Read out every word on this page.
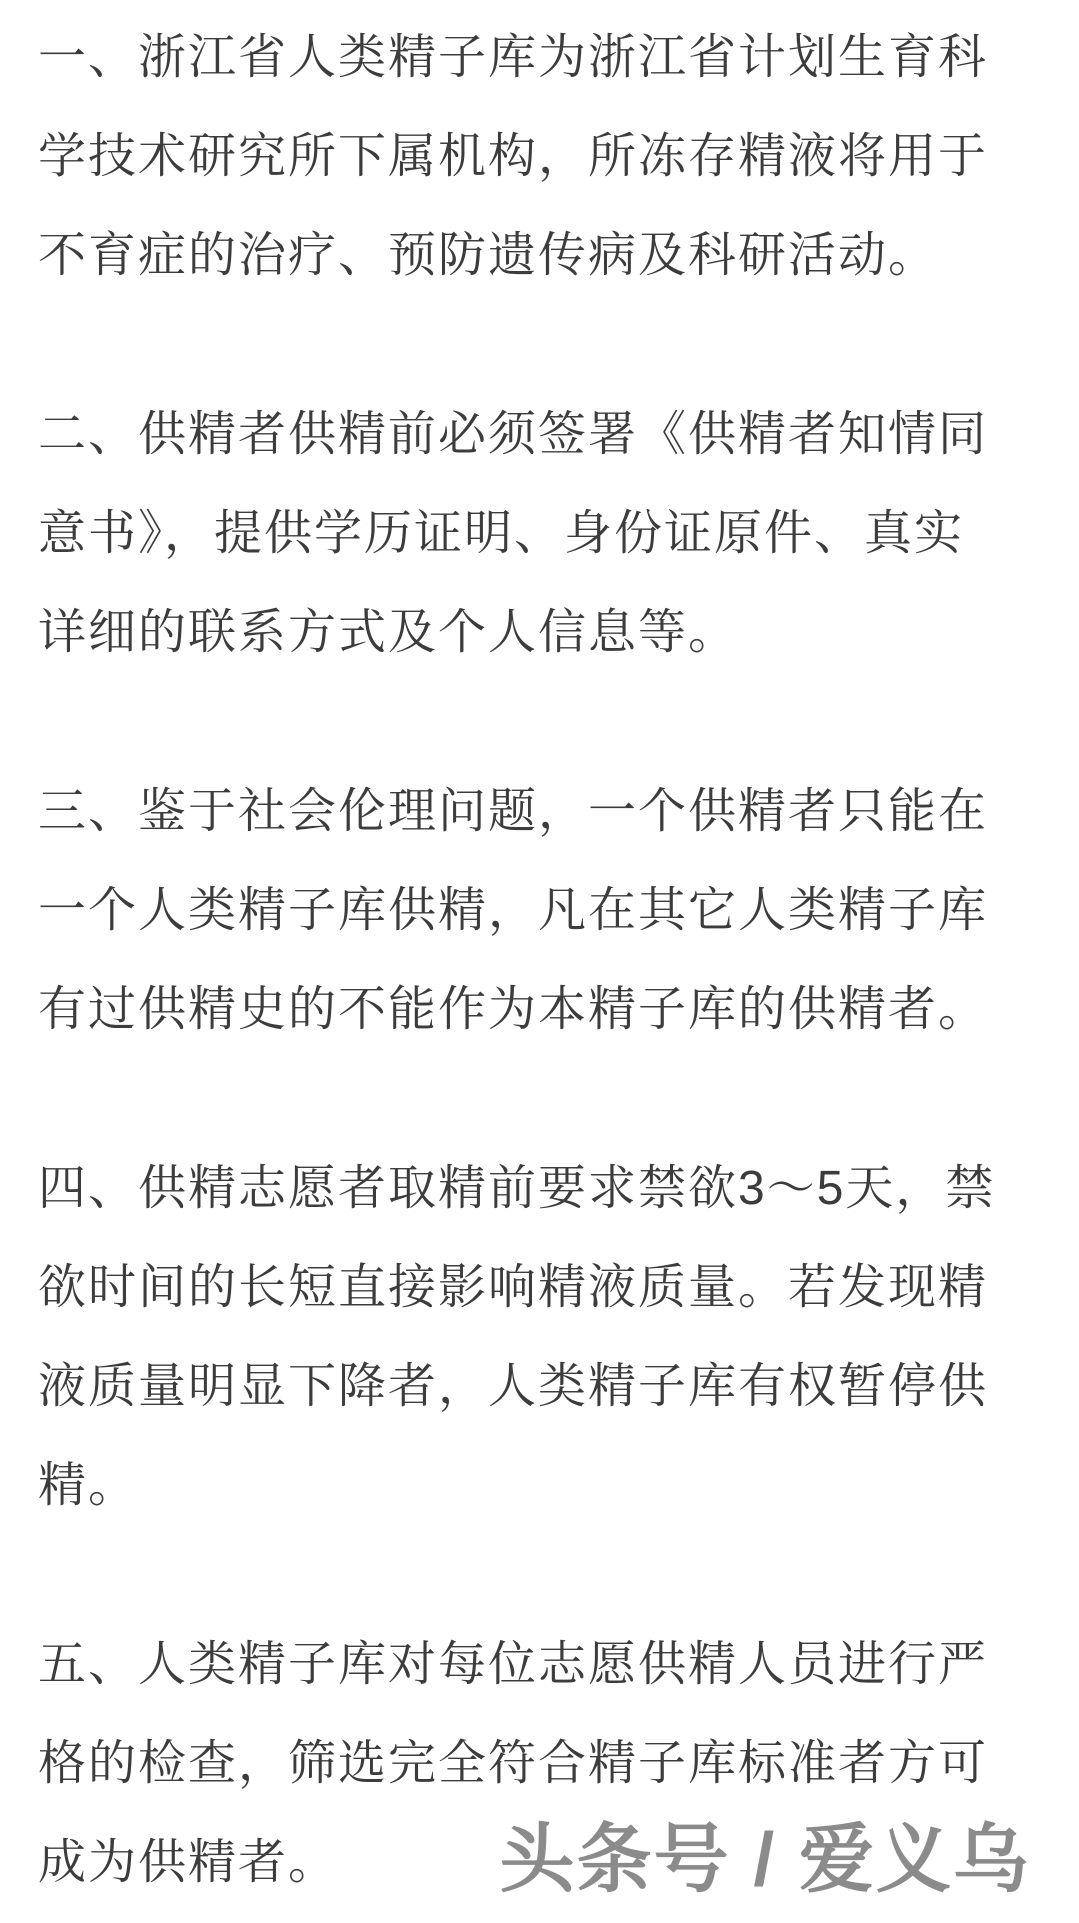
一、浙江省人类精子库为浙江省计划生育科
学技术研究所下属机构，所冻存精液将用于
不育症的治疗、预防遗传病及科研活动。
二、供精者供精前必须签署《供精者知情同
意书》，提供学历证明、身份证原件、真实
详细的联系方式及个人信息等。
三、鉴于社会伦理问题，一个供精者只能在
一个人类精子库供精，凡在其它人类精子库
有过供精史的不能作为本精子库的供精者。
四、供精志愿者取精前要求禁欲3～5天，禁
欲时间的长短直接影响精液质量。若发现精
液质量明显下降者，人类精子库有权暂停供
精。
五、人类精子库对每位志愿供精人员进行严
格的检查，筛选完全符合精子库标准者方可
成为供精者。	头条号 / 爱义乌
